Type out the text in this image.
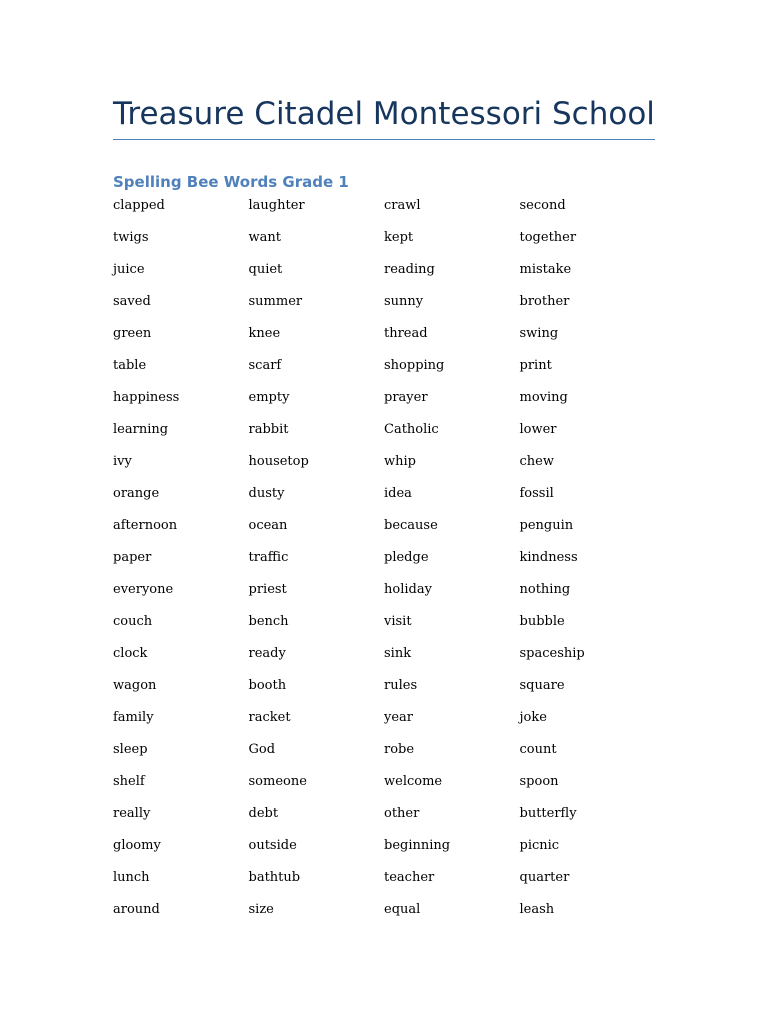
Treasure Citadel Montessori School
Spelling Bee Words Grade 1
clapped	laughter	crawl	second
twigs	want	kept	together
juice	quiet	reading	mistake
saved	summer	sunny	brother
green	knee	thread	swing
table	scarf	shopping	print
happiness	empty	prayer	moving
learning	rabbit	Catholic	lower
ivy	housetop	whip	chew
orange	dusty	idea	fossil
afternoon	ocean	because	penguin
paper	traffic	pledge	kindness
everyone	priest	holiday	nothing
couch	bench	visit	bubble
clock	ready	sink	spaceship
wagon	booth	rules	square
family	racket	year	joke
sleep	God	robe	count
shelf	someone	welcome	spoon
really	debt	other	butterfly
gloomy	outside	beginning	picnic
lunch	bathtub	teacher	quarter
around	size	equal	leash
